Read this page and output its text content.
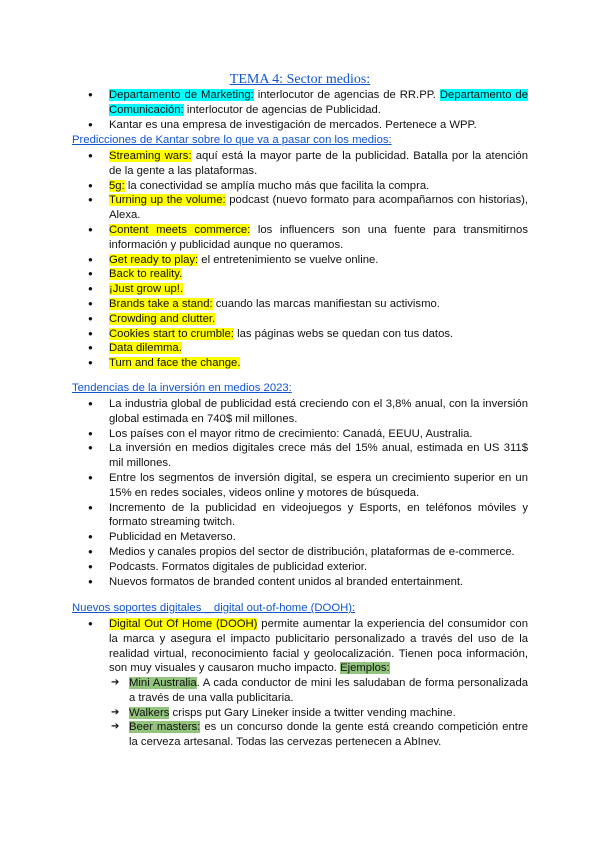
TEMA 4: Sector medios:
● Departamento de Marketing: interlocutor de agencias de RR.PP. Departamento de Comunicación: interlocutor de agencias de Publicidad.
● Kantar es una empresa de investigación de mercados. Pertenece a WPP.
Predicciones de Kantar sobre lo que va a pasar con los medios:
● Streaming wars: aquí está la mayor parte de la publicidad. Batalla por la atención de la gente a las plataformas.
● 5g: la conectividad se amplía mucho más que facilita la compra.
● Turning up the volume: podcast (nuevo formato para acompañarnos con historias), Alexa.
● Content meets commerce: los influencers son una fuente para transmitirnos información y publicidad aunque no queramos.
● Get ready to play: el entretenimiento se vuelve online.
● Back to reality.
● ¡Just grow up!.
● Brands take a stand: cuando las marcas manifiestan su activismo.
● Crowding and clutter.
● Cookies start to crumble: las páginas webs se quedan con tus datos.
● Data dilemma.
● Turn and face the change.
Tendencias de la inversión en medios 2023:
● La industria global de publicidad está creciendo con el 3,8% anual, con la inversión global estimada en 740$ mil millones.
● Los países con el mayor ritmo de crecimiento: Canadá, EEUU, Australia.
● La inversión en medios digitales crece más del 15% anual, estimada en US 311$ mil millones.
● Entre los segmentos de inversión digital, se espera un crecimiento superior en un 15% en redes sociales, videos online y motores de búsqueda.
● Incremento de la publicidad en videojuegos y Esports, en teléfonos móviles y formato streaming twitch.
● Publicidad en Metaverso.
● Medios y canales propios del sector de distribución, plataformas de e-commerce.
● Podcasts. Formatos digitales de publicidad exterior.
● Nuevos formatos de branded content unidos al branded entertainment.
Nuevos soportes digitales _ digital out-of-home (DOOH):
● Digital Out Of Home (DOOH) permite aumentar la experiencia del consumidor con la marca y asegura el impacto publicitario personalizado a través del uso de la realidad virtual, reconocimiento facial y geolocalización. Tienen poca información, son muy visuales y causaron mucho impacto. Ejemplos:
➔ Mini Australia. A cada conductor de mini les saludaban de forma personalizada a través de una valla publicitaria.
➔ Walkers crisps put Gary Lineker inside a twitter vending machine.
➔ Beer masters: es un concurso donde la gente está creando competición entre la cerveza artesanal. Todas las cervezas pertenecen a AbInev.
